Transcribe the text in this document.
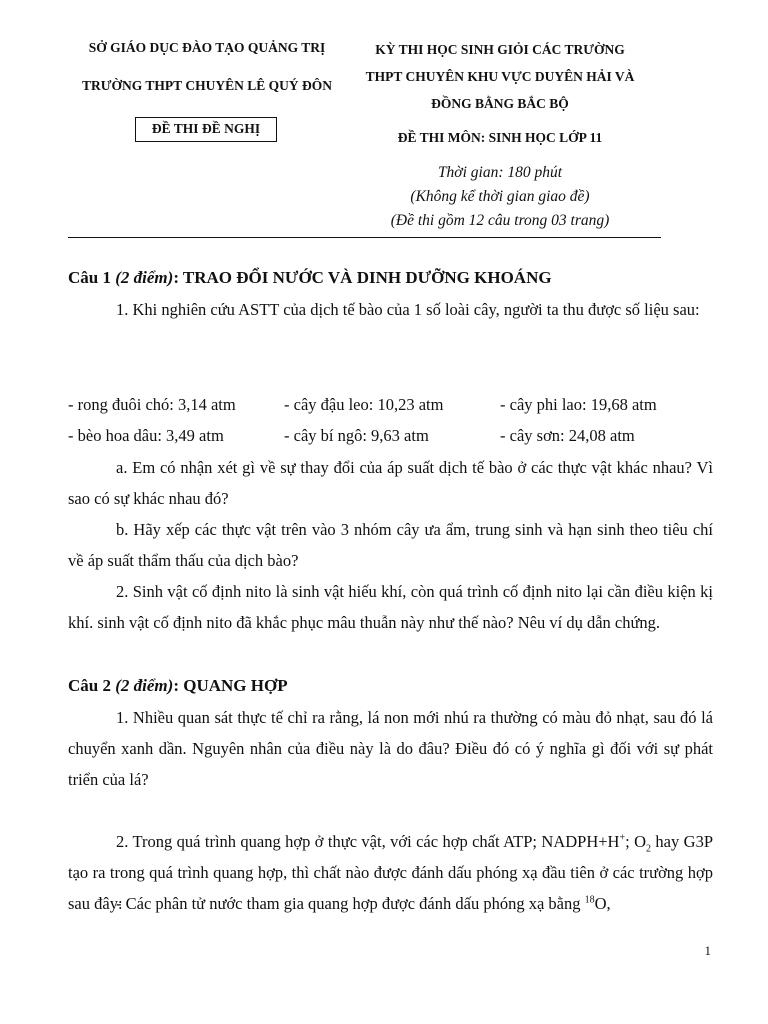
SỞ GIÁO DỤC ĐÀO TẠO QUẢNG TRỊ
TRƯỜNG THPT CHUYÊN LÊ QUÝ ĐÔN
ĐỀ THI ĐỀ NGHỊ
KỲ THI HỌC SINH GIỎI CÁC TRƯỜNG
THPT CHUYÊN KHU VỰC DUYÊN HẢI VÀ
ĐỒNG BẰNG BẮC BỘ
ĐỀ THI MÔN: SINH HỌC LỚP 11
Thời gian: 180 phút
(Không kể thời gian giao đề)
(Đề thi gồm 12 câu trong 03 trang)
Câu 1 (2 điểm): TRAO ĐỔI NƯỚC VÀ DINH DƯỠNG KHOÁNG
1. Khi nghiên cứu ASTT của dịch tế bào của 1 số loài cây, người ta thu được số liệu sau:
- rong đuôi chó: 3,14 atm	- cây đậu leo: 10,23 atm	- cây phi lao: 19,68 atm
- bèo hoa dâu: 3,49 atm	- cây bí ngô: 9,63 atm	- cây sơn: 24,08 atm
a. Em có nhận xét gì về sự thay đổi của áp suất dịch tế bào ở các thực vật khác nhau? Vì sao có sự khác nhau đó?
b. Hãy xếp các thực vật trên vào 3 nhóm cây ưa ẩm, trung sinh và hạn sinh theo tiêu chí về áp suất thẩm thấu của dịch bào?
2. Sinh vật cố định nito là sinh vật hiếu khí, còn quá trình cố định nito lại cần điều kiện kị khí. sinh vật cố định nito đã khắc phục mâu thuẫn này như thế nào? Nêu ví dụ dẫn chứng.
Câu 2 (2 điểm): QUANG HỢP
1. Nhiều quan sát thực tế chỉ ra rằng, lá non mới nhú ra thường có màu đỏ nhạt, sau đó lá chuyển xanh dần. Nguyên nhân của điều này là do đâu? Điều đó có ý nghĩa gì đối với sự phát triển của lá?
2. Trong quá trình quang hợp ở thực vật, với các hợp chất ATP; NADPH+H+; $O_2$ hay G3P tạo ra trong quá trình quang hợp, thì chất nào được đánh dấu phóng xạ đầu tiên ở các trường hợp sau đây:
- Các phân tử nước tham gia quang hợp được đánh dấu phóng xạ bằng $^{18}$O,
1
